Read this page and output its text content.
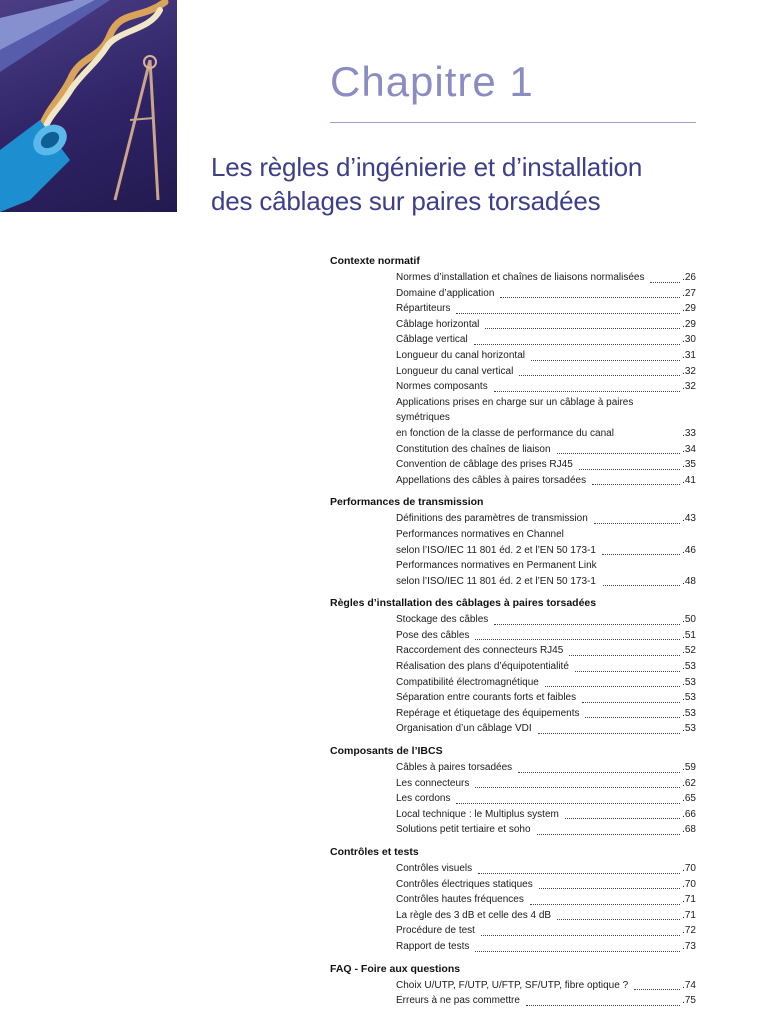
Chapitre 1
Les règles d’ingénierie et d’installation
des câblages sur paires torsadées
Contexte normatif
Normes d’installation et chaînes de liaisons normalisées	.26
Domaine d’application	.27
Répartiteurs	.29
Câblage horizontal	.29
Câblage vertical	.30
Longueur du canal horizontal	.31
Longueur du canal vertical	.32
Normes composants	.32
Applications prises en charge sur un câblage à paires symétriques
en fonction de la classe de performance du canal	.33
Constitution des chaînes de liaison	.34
Convention de câblage des prises RJ45	.35
Appellations des câbles à paires torsadées	.41
Performances de transmission
Définitions des paramètres de transmission	.43
Performances normatives en Channel
selon l’ISO/IEC 11 801 éd. 2 et l’EN 50 173-1	.46
Performances normatives en Permanent Link
selon l’ISO/IEC 11 801 éd. 2 et l’EN 50 173-1	.48
Règles d’installation des câblages à paires torsadées
Stockage des câbles	.50
Pose des câbles	.51
Raccordement des connecteurs RJ45	.52
Réalisation des plans d’équipotentialité	.53
Compatibilité électromagnétique	.53
Séparation entre courants forts et faibles	.53
Repérage et étiquetage des équipements	.53
Organisation d’un câblage VDI	.53
Composants de l’IBCS
Câbles à paires torsadées	.59
Les connecteurs	.62
Les cordons	.65
Local technique : le Multiplus system	.66
Solutions petit tertiaire et soho	.68
Contrôles et tests
Contrôles visuels	.70
Contrôles électriques statiques	.70
Contrôles hautes fréquences	.71
La règle des 3 dB et celle des 4 dB	.71
Procédure de test	.72
Rapport de tests	.73
FAQ - Foire aux questions
Choix U/UTP, F/UTP, U/FTP, SF/UTP, fibre optique ?	.74
Erreurs à ne pas commettre	.75
